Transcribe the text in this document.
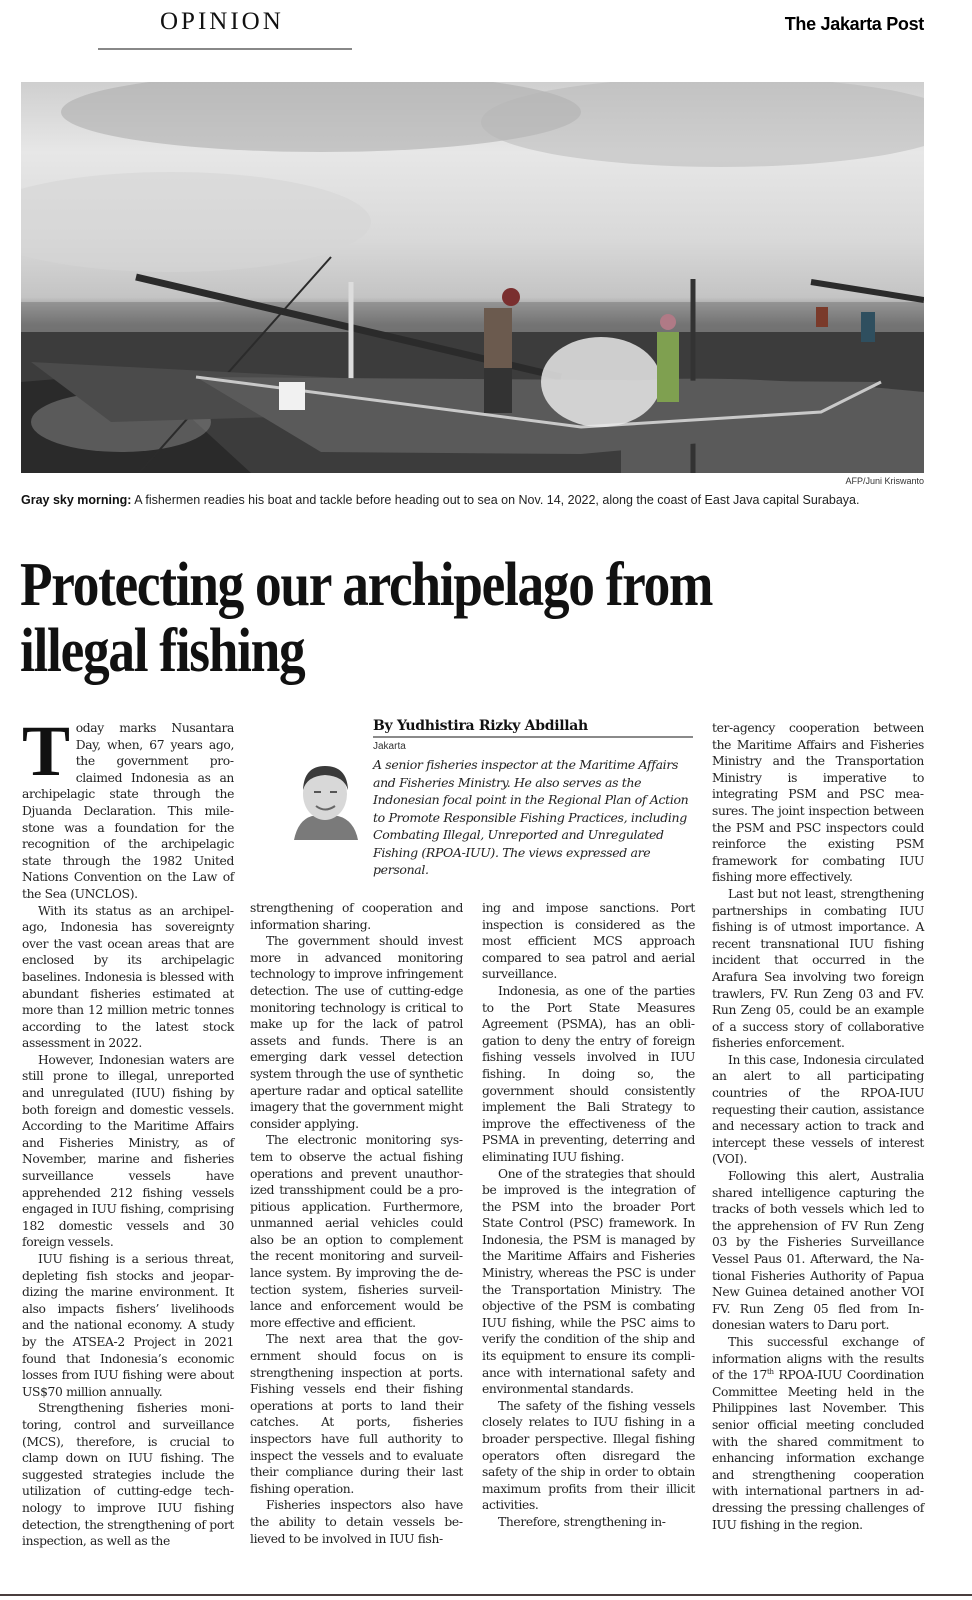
OPINION	The Jakarta Post
AFP/Juni Kriswanto
Gray sky morning: A fishermen readies his boat and tackle before heading out to sea on Nov. 14, 2022, along the coast of East Java capital Surabaya.
Protecting our archipelago from illegal fishing

Today marks Nusantara Day, when, 67 years ago, the government proclaimed Indonesia as an archipelagic state through the Djuanda Declaration. This milestone was a foundation for the recognition of the archipelagic state through the 1982 United Nations Convention on the Law of the Sea (UNCLOS).

With its status as an archipelago, Indonesia has sovereignty over the vast ocean areas that are enclosed by its archipelagic baselines. Indonesia is blessed with abundant fisheries estimated at more than 12 million metric tonnes according to the latest stock assessment in 2022.

However, Indonesian waters are still prone to illegal, unreported and unregulated (IUU) fishing by both foreign and domestic vessels. According to the Maritime Affairs and Fisheries Ministry, as of November, marine and fisheries surveillance vessels have apprehended 212 fishing vessels engaged in IUU fishing, comprising 182 domestic vessels and 30 foreign vessels.

IUU fishing is a serious threat, depleting fish stocks and jeopardizing the marine environment. It also impacts fishers’ livelihoods and the national economy. A study by the ATSEA-2 Project in 2021 found that Indonesia’s economic losses from IUU fishing were about US$70 million annually.

Strengthening fisheries monitoring, control and surveillance (MCS), therefore, is crucial to clamp down on IUU fishing. The suggested strategies include the utilization of cutting-edge technology to improve IUU fishing detection, the strengthening of port inspection, as well as the

By Yudhistira Rizky Abdillah
Jakarta
A senior fisheries inspector at the Maritime Affairs and Fisheries Ministry. He also serves as the Indonesian focal point in the Regional Plan of Action to Promote Responsible Fishing Practices, including Combating Illegal, Unreported and Unregulated Fishing (RPOA-IUU). The views expressed are personal.

strengthening of cooperation and information sharing.

The government should invest more in advanced monitoring technology to improve infringement detection. The use of cutting-edge monitoring technology is critical to make up for the lack of patrol assets and funds. There is an emerging dark vessel detection system through the use of synthetic aperture radar and optical satellite imagery that the government might consider applying.

The electronic monitoring system to observe the actual fishing operations and prevent unauthorized transshipment could be a propitious application. Furthermore, unmanned aerial vehicles could also be an option to complement the recent monitoring and surveillance system. By improving the detection system, fisheries surveillance and enforcement would be more effective and efficient.

The next area that the government should focus on is strengthening inspection at ports. Fishing vessels end their fishing operations at ports to land their catches. At ports, fisheries inspectors have full authority to inspect the vessels and to evaluate their compliance during their last fishing operation.

Fisheries inspectors also have the ability to detain vessels believed to be involved in IUU fish-

ing and impose sanctions. Port inspection is considered as the most efficient MCS approach compared to sea patrol and aerial surveillance.

Indonesia, as one of the parties to the Port State Measures Agreement (PSMA), has an obligation to deny the entry of foreign fishing vessels involved in IUU fishing. In doing so, the government should consistently implement the Bali Strategy to improve the effectiveness of the PSMA in preventing, deterring and eliminating IUU fishing.

One of the strategies that should be improved is the integration of the PSM into the broader Port State Control (PSC) framework. In Indonesia, the PSM is managed by the Maritime Affairs and Fisheries Ministry, whereas the PSC is under the Transportation Ministry. The objective of the PSM is combating IUU fishing, while the PSC aims to verify the condition of the ship and its equipment to ensure its compliance with international safety and environmental standards.

The safety of the fishing vessels closely relates to IUU fishing in a broader perspective. Illegal fishing operators often disregard the safety of the ship in order to obtain maximum profits from their illicit activities.

Therefore, strengthening in-

ter-agency cooperation between the Maritime Affairs and Fisheries Ministry and the Transportation Ministry is imperative to integrating PSM and PSC measures. The joint inspection between the PSM and PSC inspectors could reinforce the existing PSM framework for combating IUU fishing more effectively.

Last but not least, strengthening partnerships in combating IUU fishing is of utmost importance. A recent transnational IUU fishing incident that occurred in the Arafura Sea involving two foreign trawlers, FV. Run Zeng 03 and FV. Run Zeng 05, could be an example of a success story of collaborative fisheries enforcement.

In this case, Indonesia circulated an alert to all participating countries of the RPOA-IUU requesting their caution, assistance and necessary action to track and intercept these vessels of interest (VOI).

Following this alert, Australia shared intelligence capturing the tracks of both vessels which led to the apprehension of FV Run Zeng 03 by the Fisheries Surveillance Vessel Paus 01. Afterward, the National Fisheries Authority of Papua New Guinea detained another VOI FV. Run Zeng 05 fled from Indonesian waters to Daru port.

This successful exchange of information aligns with the results of the 17th RPOA-IUU Coordination Committee Meeting held in the Philippines last November. This senior official meeting concluded with the shared commitment to enhancing information exchange and strengthening cooperation with international partners in addressing the pressing challenges of IUU fishing in the region.
